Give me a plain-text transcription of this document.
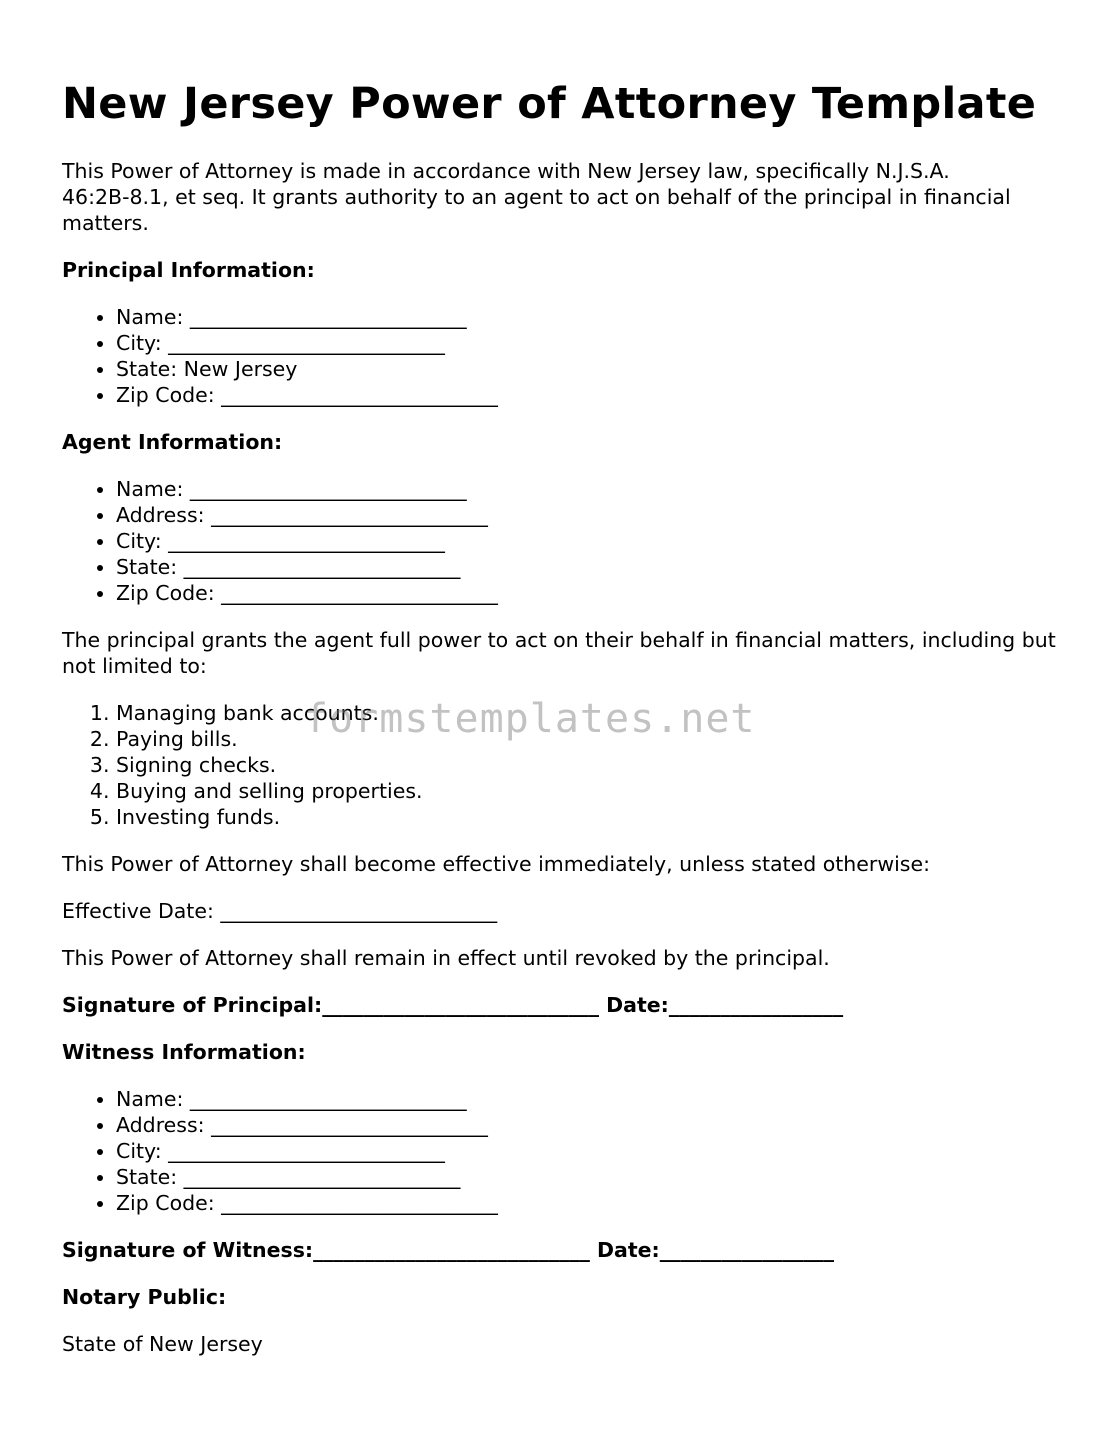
New Jersey Power of Attorney Template

This Power of Attorney is made in accordance with New Jersey law, specifically N.J.S.A. 46:2B-8.1, et seq. It grants authority to an agent to act on behalf of the principal in financial matters.

Principal Information:
• Name: ___________________________
• City: ___________________________
• State: New Jersey
• Zip Code: ___________________________
Agent Information:
• Name: ___________________________
• Address: ___________________________
• City: ___________________________
• State: ___________________________
• Zip Code: ___________________________

The principal grants the agent full power to act on their behalf in financial matters, including but not limited to:

1. Managing bank accounts.
2. Paying bills.
3. Signing checks.
4. Buying and selling properties.
5. Investing funds.

This Power of Attorney shall become effective immediately, unless stated otherwise:

Effective Date: ___________________________

This Power of Attorney shall remain in effect until revoked by the principal.

Signature of Principal:___________________________ Date:_________________
Witness Information:
• Name: ___________________________
• Address: ___________________________
• City: ___________________________
• State: ___________________________
• Zip Code: ___________________________
Signature of Witness:___________________________ Date:_________________
Notary Public:

State of New Jersey

formstemplates.net
